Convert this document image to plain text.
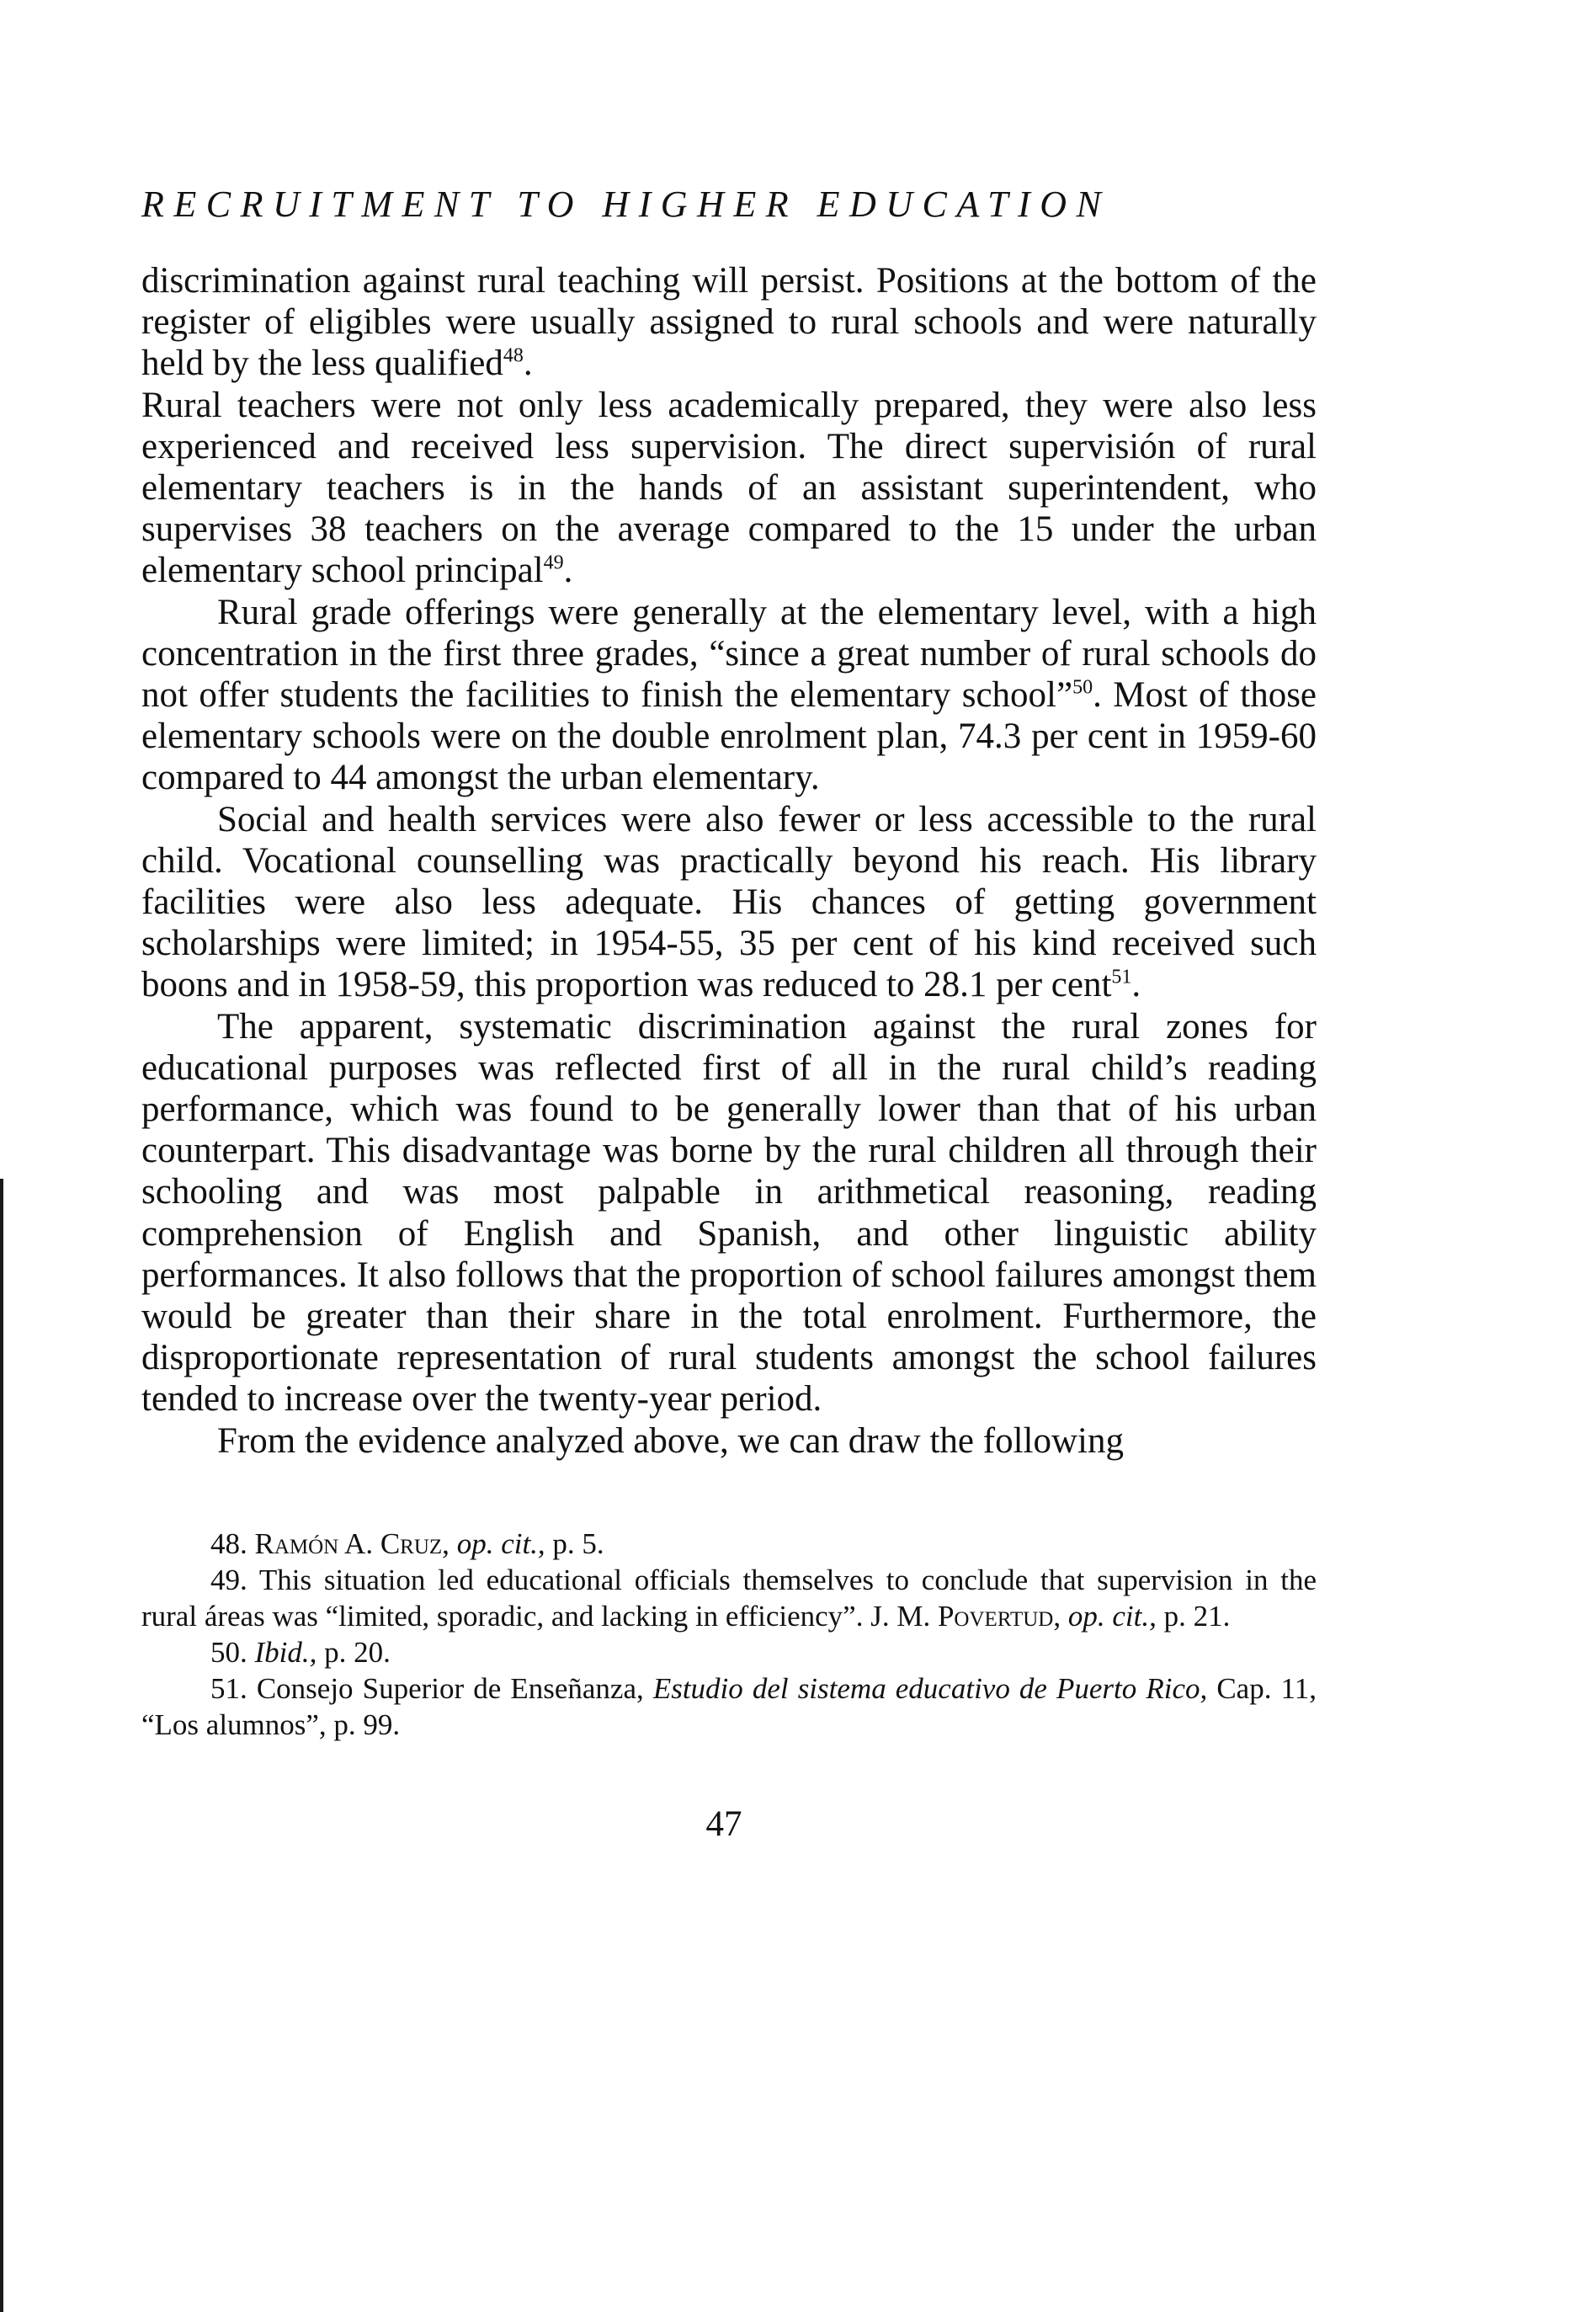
RECRUITMENT TO HIGHER EDUCATION

discrimination against rural teaching will persist. Positions at the bottom of the register of eligibles were usually assigned to rural schools and were naturally held by the less qualified$^{48}$.

Rural teachers were not only less academically prepared, they were also less experienced and received less supervision. The direct supervisión of rural elementary teachers is in the hands of an assistant superintendent, who supervises 38 teachers on the average compared to the 15 under the urban elementary school principal$^{49}$.

Rural grade offerings were generally at the elementary level, with a high concentration in the first three grades, “since a great number of rural schools do not offer students the facilities to finish the elementary school”$^{50}$. Most of those elementary schools were on the double enrolment plan, 74.3 per cent in 1959-60 compared to 44 amongst the urban elementary.

Social and health services were also fewer or less accessible to the rural child. Vocational counselling was practically beyond his reach. His library facilities were also less adequate. His chances of getting government scholarships were limited; in 1954-55, 35 per cent of his kind received such boons and in 1958-59, this proportion was reduced to 28.1 per cent$^{51}$.

The apparent, systematic discrimination against the rural zones for educational purposes was reflected first of all in the rural child’s reading performance, which was found to be generally lower than that of his urban counterpart. This disadvantage was borne by the rural children all through their schooling and was most palpable in arithmetical reasoning, reading comprehension of English and Spanish, and other linguistic ability performances. It also follows that the proportion of school failures amongst them would be greater than their share in the total enrolment. Furthermore, the disproportionate representation of rural students amongst the school failures tended to increase over the twenty-year period.

From the evidence analyzed above, we can draw the following

48. Ramón A. Cruz, op. cit., p. 5.
49. This situation led educational officials themselves to conclude that supervision in the rural áreas was “limited, sporadic, and lacking in efficiency”. J. M. Povertud, op. cit., p. 21.
50. Ibid., p. 20.
51. Consejo Superior de Enseñanza, Estudio del sistema educativo de Puerto Rico, Cap. 11, “Los alumnos”, p. 99.
47
